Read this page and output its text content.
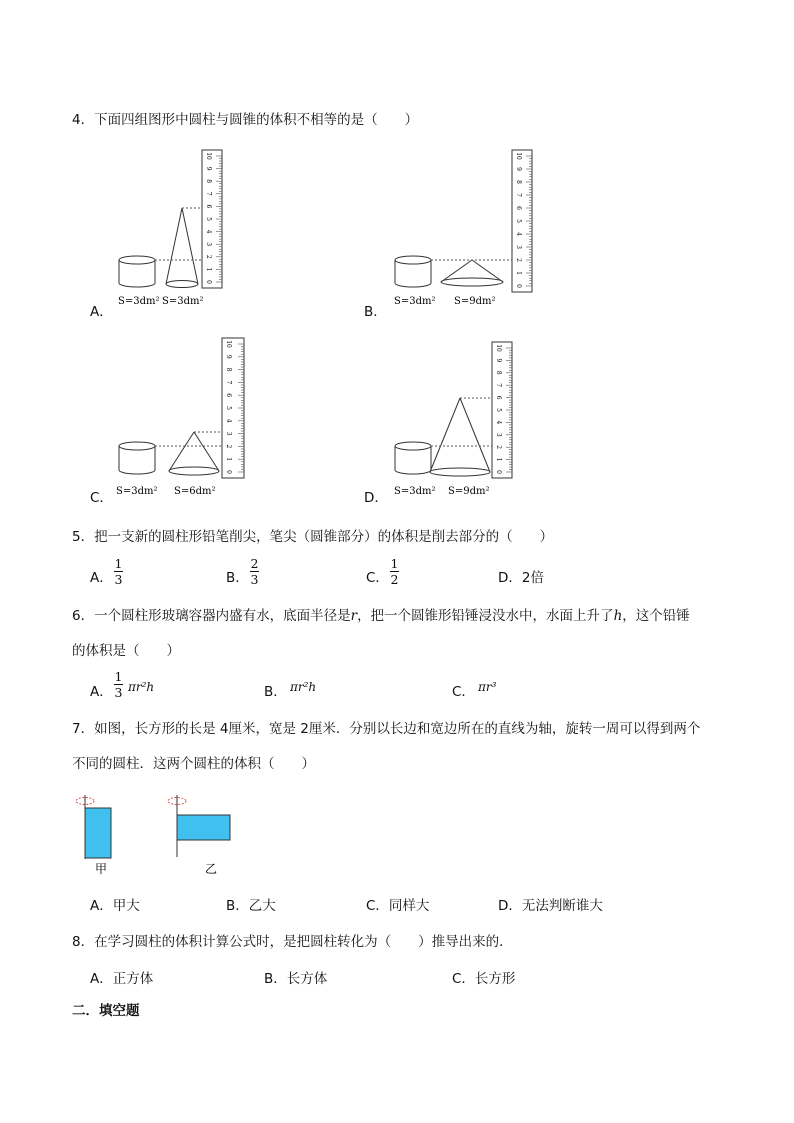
4．下面四组图形中圆柱与圆锥的体积不相等的是（　　）
A．
S=3dm² S=3dm²
0
1
2
3
4
5
6
7
8
9
10
B．
S=3dm² S=9dm²
0
1
2
3
4
5
6
7
8
9
10
C． S=3dm² S=6dm²
0
1
2
3
4
5
6
7
8
9
10
D． S=3dm² S=9dm²
0
1
2
3
4
5
6
7
8
9
10
5．把一支新的圆柱形铅笔削尖，笔尖（圆锥部分）的体积是削去部分的（　　）
A．
1
3	B．
2
3	C．
1
2	D．2倍
6．一个圆柱形玻璃容器内盛有水，底面半径是r，把一个圆锥形铅锤浸没水中，水面上升了h，这个铅锤
的体积是（　　）
A．
1
3 πr²h	B． πr²h	C． πr³
7．如图，长方形的长是 4厘米，宽是 2厘米．分别以长边和宽边所在的直线为轴，旋转一周可以得到两个
不同的圆柱．这两个圆柱的体积（　　）
甲	乙
A．甲大	B．乙大	C．同样大	D．无法判断谁大
8．在学习圆柱的体积计算公式时，是把圆柱转化为（　　）推导出来的．
A．正方体	B．长方体	C．长方形
二．填空题
